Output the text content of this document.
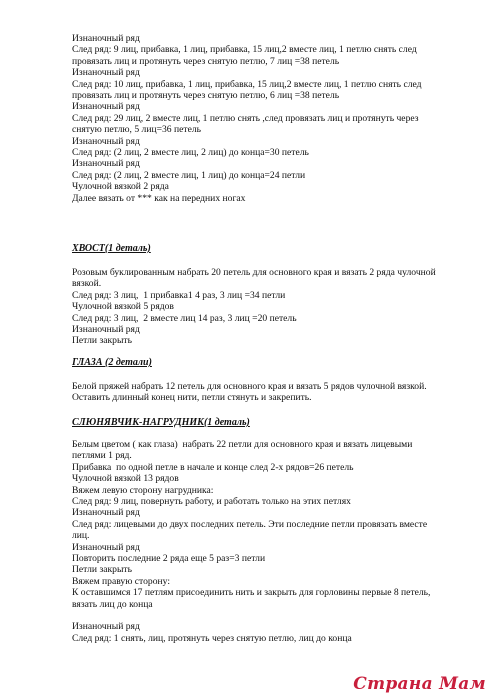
Изнаночный ряд

След ряд: 9 лиц, прибавка, 1 лиц, прибавка, 15 лиц,2 вместе лиц, 1 петлю снять след

провязать лиц и протянуть через снятую петлю, 7 лиц =38 петель

Изнаночный ряд

След ряд: 10 лиц, прибавка, 1 лиц, прибавка, 15 лиц,2 вместе лиц, 1 петлю снять след

провязать лиц и протянуть через снятую петлю, 6 лиц =38 петель

Изнаночный ряд

След ряд: 29 лиц, 2 вместе лиц, 1 петлю снять ,след провязать лиц и протянуть через

снятую петлю, 5 лиц=36 петель

Изнаночный ряд

След ряд: (2 лиц, 2 вместе лиц, 2 лиц) до конца=30 петель

Изнаночный ряд

След ряд: (2 лиц, 2 вместе лиц, 1 лиц) до конца=24 петли

Чулочной вязкой 2 ряда

Далее вязать от *** как на передних ногах

ХВОСТ(1 деталь)

Розовым буклированным набрать 20 петель для основного края и вязать 2 ряда чулочной

вязкой.

След ряд: 3 лиц,  1 прибавка1 4 раз, 3 лиц =34 петли

Чулочной вязкой 5 рядов

След ряд: 3 лиц,  2 вместе лиц 14 раз, 3 лиц =20 петель

Изнаночный ряд

Петли закрыть

ГЛАЗА (2 детали)

Белой пряжей набрать 12 петель для основного края и вязать 5 рядов чулочной вязкой.

Оставить длинный конец нити, петли стянуть и закрепить.

СЛЮНЯВЧИК-НАГРУДНИК(1 деталь)

Белым цветом ( как глаза)  набрать 22 петли для основного края и вязать лицевыми

петлями 1 ряд.

Прибавка  по одной петле в начале и конце след 2-х рядов=26 петель

Чулочной вязкой 13 рядов

Вяжем левую сторону нагрудника:

След ряд: 9 лиц, повернуть работу, и работать только на этих петлях

Изнаночный ряд

След ряд: лицевыми до двух последних петель. Эти последние петли провязать вместе

лиц.

Изнаночный ряд

Повторить последние 2 ряда еще 5 раз=3 петли

Петли закрыть

Вяжем правую сторону:

К оставшимся 17 петлям присоединить нить и закрыть для горловины первые 8 петель,

вязать лиц до конца

Изнаночный ряд

След ряд: 1 снять, лиц, протянуть через снятую петлю, лиц до конца

Страна Мам
